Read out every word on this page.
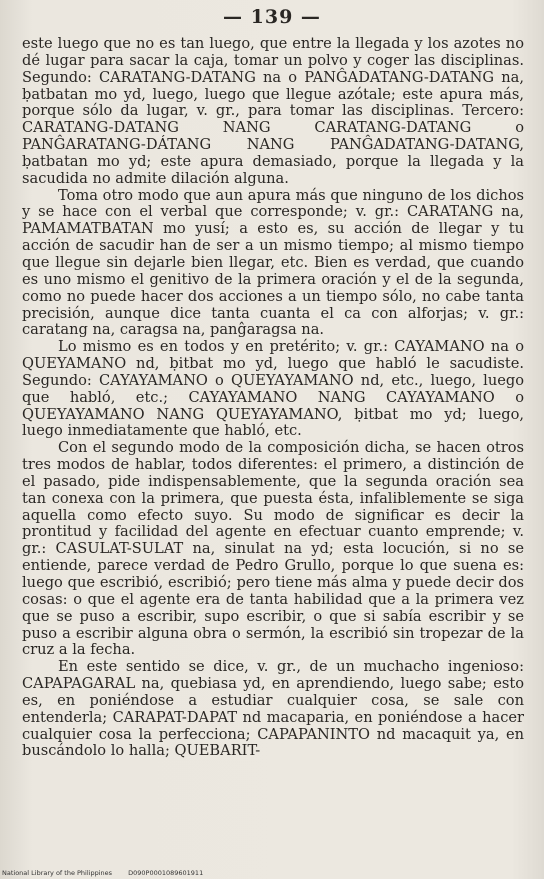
— 139 —

este luego que no es tan luego, que entre la llegada y los azotes no dé lugar para sacar la caja, tomar un polvo y coger las disciplinas. Segundo: CARATANG-DATANG na o PANĜADATANG-DATANG na, ḅatbatan mo yd, luego, luego que llegue azótale; este apura más, porque sólo da lugar, v. gr., para tomar las disciplinas. Tercero: CARATANG-DATANG NANG CARATANG-DATANG o PANĜARATANG-DÁTANG NANG PANĜADATANG-DATANG, ḅatbatan mo yd; este apura demasiado, porque la llegada y la sacudida no admite dilación alguna.

Toma otro modo que aun apura más que ninguno de los dichos y se hace con el verbal que corresponde; v. gr.: CARATANG na, PAMAMATBATAN mo yusí; a esto es, su acción de llegar y tu acción de sacudir han de ser a un mismo tiempo; al mismo tiempo que llegue sin dejarle bien llegar, etc. Bien es verdad, que cuando es uno mismo el genitivo de la primera oración y el de la segunda, como no puede hacer dos acciones a un tiempo sólo, no cabe tanta precisión, aunque dice tanta cuanta el ca con alforjas; v. gr.: caratang na, caragsa na, panĝaragsa na.

Lo mismo es en todos y en pretérito; v. gr.: CAYAMANO na o QUEYAMANO nd, ḅitbat mo yd, luego que habló le sacudiste. Segundo: CAYAYAMANO o QUEYAYAMANO nd, etc., luego, luego que habló, etc.; CAYAYAMANO NANG CAYAYAMANO o QUEYAYAMANO NANG QUEYAYAMANO, ḅitbat mo yd; luego, luego inmediatamente que habló, etc.

Con el segundo modo de la composición dicha, se hacen otros tres modos de hablar, todos diferentes: el primero, a distinción de el pasado, pide indispensablemente, que la segunda oración sea tan conexa con la primera, que puesta ésta, infaliblemente se siga aquella como efecto suyo. Su modo de significar es decir la prontitud y facilidad del agente en efectuar cuanto emprende; v. gr.: CASULAT-SULAT na, sinulat na yd; esta locución, si no se entiende, parece verdad de Pedro Grullo, porque lo que suena es: luego que escribió, escribió; pero tiene más alma y puede decir dos cosas: o que el agente era de tanta habilidad que a la primera vez que se puso a escribir, supo escribir, o que si sabía escribir y se puso a escribir alguna obra o sermón, la escribió sin tropezar de la cruz a la fecha.

En este sentido se dice, v. gr., de un muchacho ingenioso: CAPAPAGARAL na, quebiasa yd, en aprendiendo, luego sabe; esto es, en poniéndose a estudiar cualquier cosa, se sale con entenderla; CARAPAT-DAPAT nd macaparia, en poniéndose a hacer cualquier cosa la perfecciona; CAPAPANINTO nd macaquit ya, en buscándolo lo halla; QUEBARIT-

National Library of the Philippines D090P0001089601911
